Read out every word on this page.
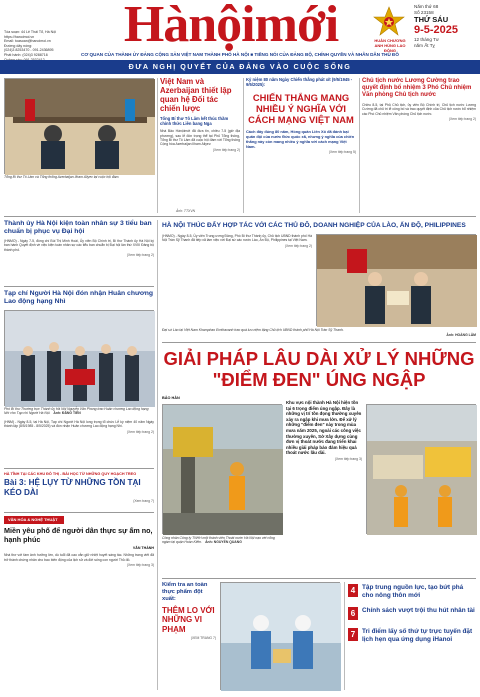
Tòa soạn: 44 Lê Thái Tổ, Hà Nội
https://hanoimoi.vn
Email: toasoan@hanoimoi.vn
Đường dây nóng:
(024)3 8253470 - 091.2436895
Phát hành: (024)3 9288716
Hànộimới	HUÂN CHƯƠNG
ANH HÙNG LAO ĐỘNG
Năm thứ 68
Số 23158
THỨ SÁU
9-5-2025
12 tháng Tư
năm Ất Tỵ
CƠ QUAN CỦA THÀNH ỦY ĐẢNG CỘNG SẢN VIỆT NAM THÀNH PHỐ HÀ NỘI ■ TIẾNG NÓI CỦA ĐẢNG BỘ, CHÍNH QUYỀN VÀ NHÂN DÂN THỦ ĐÔ
ĐƯA NGHỊ QUYẾT CỦA ĐẢNG VÀO CUỘC SỐNG
Tổng Bí thư Tô Lâm và Tổng thống Azerbaijan Ilham Aliyev tại cuộc hội đàm.
Việt Nam và Azerbaijan thiết lập quan hệ Đối tác chiến lược
Tổng Bí thư Tô Lâm kết thúc thăm chính thức Liên bang Nga
Nhà Bảo Hànộimới đã đưa tin, chiều 7-5 (giờ địa phương), sau lễ đón trọng thể tại Phủ Tổng thống, Tổng Bí thư Tô Lâm đã cuộc hội đàm với Tổng thống Cộng hòa Azerbaijan Ilham Aliyev.
(Xem tiếp trang 2)
Ảnh: TTXVN
Kỷ niệm 80 năm Ngày Chiến thắng phát xít (9/5/1945 - 9/5/2025):
CHIẾN THẮNG MANG NHIỀU Ý NGHĨA VỚI CÁCH MẠNG VIỆT NAM
Cách đây đúng 80 năm, Hồng quân Liên Xô đã đánh bại quân đội của nước Đức quốc xã, nhưng ý nghĩa của chiến thắng này còn mang nhiều ý nghĩa với cách mạng Việt Nam.
(Xem tiếp trang 5)
Chủ tịch nước Lương Cường trao quyết định bổ nhiệm 3 Phó Chủ nhiệm Văn phòng Chủ tịch nước
Chiều 8-5, tại Phủ Chủ tịch, ủy viên Bộ Chính trị, Chủ tịch nước Lương Cường đã chủ trì lễ công bố và trao quyết định của Chủ tịch nước bổ nhiệm các Phó Chủ nhiệm Văn phòng Chủ tịch nước.
(Xem tiếp trang 2)
Thành ủy Hà Nội kiện toàn nhân sự 3 tiểu ban chuẩn bị phục vụ Đại hội
(HNMO) - Ngày 7-5, đồng chí Bùi Thị Minh Hoài, Ủy viên Bộ Chính trị, Bí thư Thành ủy Hà Nội ký ban hành Quyết định về việc kiện toàn nhân sự các tiểu ban chuẩn bị Đại hội lần thứ XVIII Đảng bộ thành phố.
(Xem tiếp trang 2)
Tạp chí Người Hà Nội đón nhận Huân chương Lao động hạng Nhì
Phó Bí thư Thường trực Thành ủy Hà Nội Nguyễn Văn Phong trao Huân chương Lao động hạng Nhì cho Tạp chí Người Hà Nội. Ảnh: ĐĂNG TIẾN
(HNM) - Ngày 8-5, tại Hà Nội, Tạp chí Người Hà Nội long trọng tổ chức Lễ kỷ niệm 40 năm Ngày thành lập (8/5/1985 - 8/5/2025) và đón nhận Huân chương Lao động hạng Nhì.
(Xem tiếp trang 2)
HÀ TĨNH TẠI CÁC KHU ĐÔ THỊ - BÀI HỌC TỪ NHỮNG QUY HOẠCH TREO
Bài 3: HỆ LỤY TỪ NHỮNG TỒN TẠI KÉO DÀI
(Xem trang 7)
VĂN HÓA & NGHỆ THUẬT
Miền yêu phố để người dân thực sự ấm no, hạnh phúc
VĂN THÀNH
Nhà thơ với tầm ảnh hưởng lớn, dù tuổi đã cao vẫn giữ nhiệt huyết sáng tác. Những trang viết đã trở thành chứng nhân cho bao biến động của lịch sử và đời sống con người Thủ đô.
(Xem tiếp trang 3)
HÀ NỘI THÚC ĐẨY HỢP TÁC VỚI CÁC THỦ ĐÔ, DOANH NGHIỆP CỦA LÀO, ẤN ĐỘ, PHILIPPINES
(HNMO) - Ngày 8-5, Ủy viên Trung ương Đảng, Phó Bí thư Thành ủy, Chủ tịch UBND thành phố Hà Nội Trần Sỹ Thanh đã tiếp xã làm việc với Đại sứ các nước Lào, Ấn Độ, Philippines tại Việt Nam.
(Xem tiếp trang 2)
Đại sứ Lào tại Việt Nam Khamphao Ernthavanh trao quà lưu niệm tặng Chủ tịch UBND thành phố Hà Nội Trần Sỹ Thanh.
Ảnh: HOÀNG LÂM
GIẢI PHÁP LÂU DÀI XỬ LÝ NHỮNG "ĐIỂM ĐEN" ÚNG NGẬP
BẢO HÂN
Khu vực nội thành Hà Nội hiện tồn tại 6 trọng điểm úng ngập. Đây là những vị trí tồn đọng thường xuyên xảy ra ngập khi mưa lớn. Để xử lý những "điểm đen" này trong mùa mưa năm 2025, ngoài các công việc thường xuyên, Sở Xây dựng cùng đơn vị thoát nước đang triển khai nhiều giải pháp bảo đảm hiệu quả thoát nước lâu dài.
(Xem tiếp trang 3)
Công nhân Công ty TNHH một thành viên Thoát nước Hà Nội nạo vét cống ngầm tại quận Hoàn Kiếm. Ảnh: NGUYỄN QUANG
Kiểm tra an toàn thực phẩm đột xuất:
THÊM LO VỚI NHỮNG VI PHẠM
(XEM TRANG 7)
4	Tập trung nguồn lực, tạo bứt phá cho nông thôn mới
6	Chính sách vượt trội thu hút nhân tài
7	Tri điểm lấy số thứ tự trực tuyến đặt lịch hẹn qua ứng dụng iHanoi
